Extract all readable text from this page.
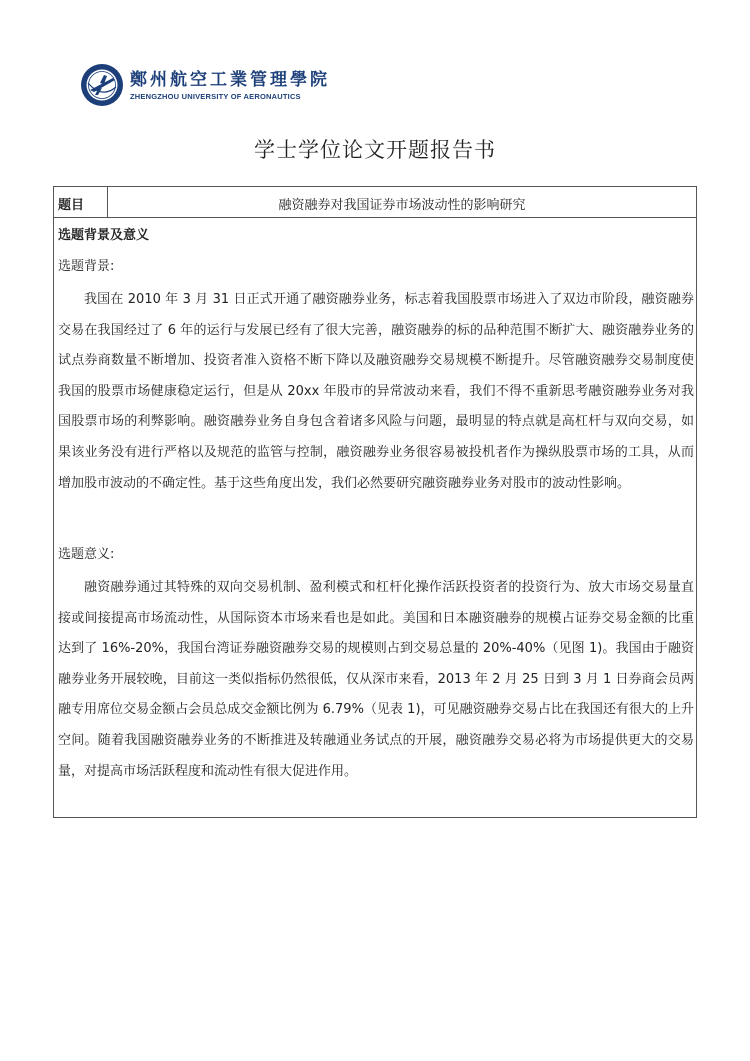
鄭州航空工業管理學院
ZHENGZHOU UNIVERSITY OF AERONAUTICS
学士学位论文开题报告书
题目	融资融券对我国证券市场波动性的影响研究
选题背景及意义
选题背景:

我国在 2010 年 3 月 31 日正式开通了融资融券业务，标志着我国股票市场进入了双边市阶段，融资融券交易在我国经过了 6 年的运行与发展已经有了很大完善，融资融券的标的品种范围不断扩大、融资融券业务的试点券商数量不断增加、投资者准入资格不断下降以及融资融券交易规模不断提升。尽管融资融券交易制度使我国的股票市场健康稳定运行，但是从 20xx 年股市的异常波动来看，我们不得不重新思考融资融券业务对我国股票市场的利弊影响。融资融券业务自身包含着诸多风险与问题，最明显的特点就是高杠杆与双向交易，如果该业务没有进行严格以及规范的监管与控制，融资融券业务很容易被投机者作为操纵股票市场的工具，从而增加股市波动的不确定性。基于这些角度出发，我们必然要研究融资融券业务对股市的波动性影响。

选题意义:

融资融券通过其特殊的双向交易机制、盈利模式和杠杆化操作活跃投资者的投资行为、放大市场交易量直接或间接提高市场流动性，从国际资本市场来看也是如此。美国和日本融资融券的规模占证券交易金额的比重达到了 16%-20%，我国台湾证券融资融券交易的规模则占到交易总量的 20%-40%（见图 1)。我国由于融资融券业务开展较晚，目前这一类似指标仍然很低，仅从深市来看，2013 年 2 月 25 日到 3 月 1 日券商会员两融专用席位交易金额占会员总成交金额比例为 6.79%（见表 1)，可见融资融券交易占比在我国还有很大的上升空间。随着我国融资融券业务的不断推进及转融通业务试点的开展，融资融券交易必将为市场提供更大的交易量，对提高市场活跃程度和流动性有很大促进作用。
